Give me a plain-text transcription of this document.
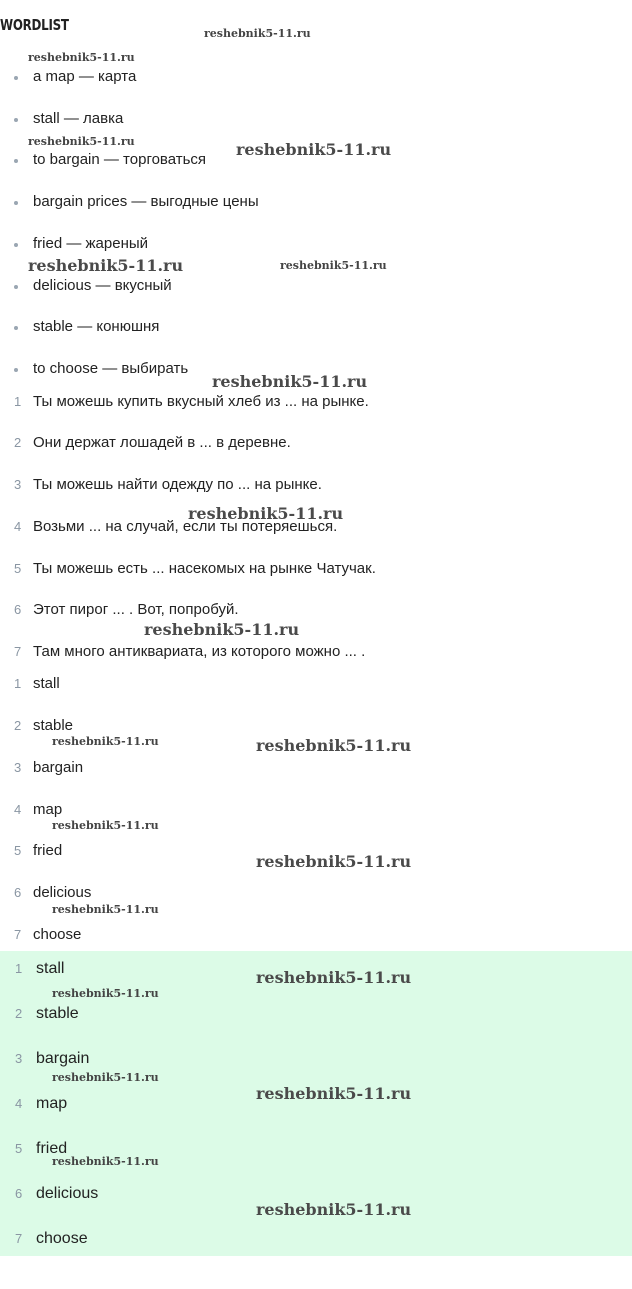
WORDLIST
a map — карта
stall — лавка
to bargain — торговаться
bargain prices — выгодные цены
fried — жареный
delicious — вкусный
stable — конюшня
to choose — выбирать
1 Ты можешь купить вкусный хлеб из ... на рынке.
2 Они держат лошадей в ... в деревне.
3 Ты можешь найти одежду по ... на рынке.
4 Возьми ... на случай, если ты потеряешься.
5 Ты можешь есть ... насекомых на рынке Чатучак.
6 Этот пирог ... . Вот, попробуй.
7 Там много антиквариата, из которого можно ... .
1 stall
2 stable
3 bargain
4 map
5 fried
6 delicious
7 choose
1 stall
2 stable
3 bargain
4 map
5 fried
6 delicious
7 choose
reshebnik5-11.ru
reshebnik5-11.ru
reshebnik5-11.ru	reshebnik5-11.ru
reshebnik5-11.ru	reshebnik5-11.ru
reshebnik5-11.ru
reshebnik5-11.ru
reshebnik5-11.ru
reshebnik5-11.ru	reshebnik5-11.ru
reshebnik5-11.ru
reshebnik5-11.ru
reshebnik5-11.ru
reshebnik5-11.ru
reshebnik5-11.ru
reshebnik5-11.ru
reshebnik5-11.ru
reshebnik5-11.ru
reshebnik5-11.ru
